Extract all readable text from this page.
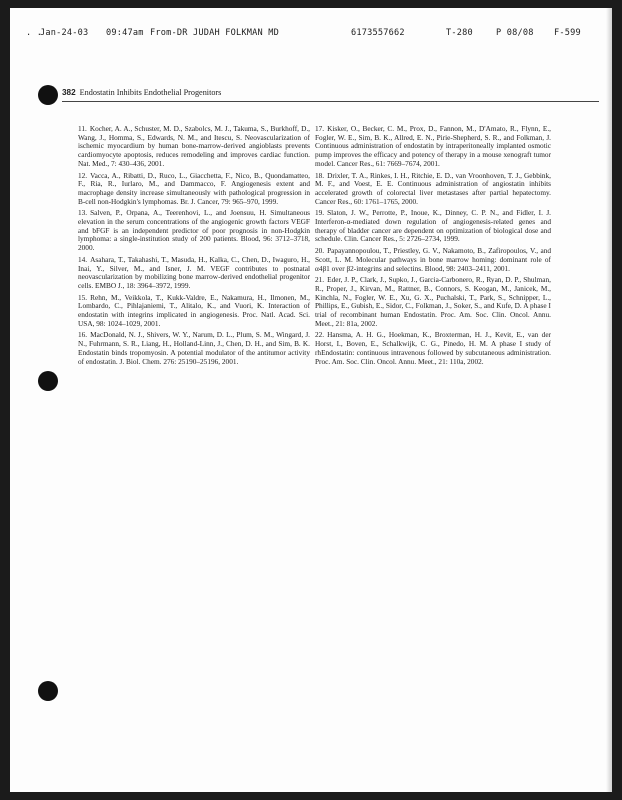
. .
Jan-24-03 09:47am From-DR JUDAH FOLKMAN MD	6173557662	T-280	P 08/08 F-599
382 Endostatin Inhibits Endothelial Progenitors

11. Kocher, A. A., Schuster, M. D., Szabolcs, M. J., Takuma, S., Burkhoff, D., Wang, J., Homma, S., Edwards, N. M., and Itescu, S. Neovascularization of ischemic myocardium by human bone-marrow-derived angioblasts prevents cardiomyocyte apoptosis, reduces remodeling and improves cardiac function. Nat. Med., 7: 430–436, 2001.

12. Vacca, A., Ribatti, D., Ruco, L., Giacchetta, F., Nico, B., Quondamatteo, F., Ria, R., Iurlaro, M., and Dammacco, F. Angiogenesis extent and macrophage density increase simultaneously with pathological progression in B-cell non-Hodgkin's lymphomas. Br. J. Cancer, 79: 965–970, 1999.

13. Salven, P., Orpana, A., Teerenhovi, L., and Joensuu, H. Simultaneous elevation in the serum concentrations of the angiogenic growth factors VEGF and bFGF is an independent predictor of poor prognosis in non-Hodgkin lymphoma: a single-institution study of 200 patients. Blood, 96: 3712–3718, 2000.

14. Asahara, T., Takahashi, T., Masuda, H., Kalka, C., Chen, D., Iwaguro, H., Inai, Y., Silver, M., and Isner, J. M. VEGF contributes to postnatal neovascularization by mobilizing bone marrow-derived endothelial progenitor cells. EMBO J., 18: 3964–3972, 1999.

15. Rehn, M., Veikkola, T., Kukk-Valdre, E., Nakamura, H., Ilmonen, M., Lombardo, C., Pihlajaniemi, T., Alitalo, K., and Vuori, K. Interaction of endostatin with integrins implicated in angiogenesis. Proc. Natl. Acad. Sci. USA, 98: 1024–1029, 2001.

16. MacDonald, N. J., Shivers, W. Y., Narum, D. L., Plum, S. M., Wingard, J. N., Fuhrmann, S. R., Liang, H., Holland-Linn, J., Chen, D. H., and Sim, B. K. Endostatin binds tropomyosin. A potential modulator of the antitumor activity of endostatin. J. Biol. Chem. 276: 25190–25196, 2001.

17. Kisker, O., Becker, C. M., Prox, D., Fannon, M., D'Amato, R., Flynn, E., Fogler, W. E., Sim, B. K., Allred, E. N., Pirie-Shepherd, S. R., and Folkman, J. Continuous administration of endostatin by intraperitoneally implanted osmotic pump improves the efficacy and potency of therapy in a mouse xenograft tumor model. Cancer Res., 61: 7669–7674, 2001.

18. Drixler, T. A., Rinkes, I. H., Ritchie, E. D., van Vroonhoven, T. J., Gebbink, M. F., and Voest, E. E. Continuous administration of angiostatin inhibits accelerated growth of colorectal liver metastases after partial hepatectomy. Cancer Res., 60: 1761–1765, 2000.

19. Slaton, J. W., Perrotte, P., Inoue, K., Dinney, C. P. N., and Fidler, I. J. Interferon-α-mediated down regulation of angiogenesis-related genes and therapy of bladder cancer are dependent on optimization of biological dose and schedule. Clin. Cancer Res., 5: 2726–2734, 1999.

20. Papayannopoulou, T., Priestley, G. V., Nakamoto, B., Zafiropoulos, V., and Scott, L. M. Molecular pathways in bone marrow homing: dominant role of α4β1 over β2-integrins and selectins. Blood, 98: 2403–2411, 2001.

21. Eder, J. P., Clark, J., Supko, J., Garcia-Carbonero, R., Ryan, D. P., Shulman, R., Proper, J., Kirvan, M., Rattner, B., Connors, S. Keogan, M., Janicek, M., Kinchla, N., Fogler, W. E., Xu, G. X., Puchalski, T., Park, S., Schnipper, L., Phillips, E., Gubish, E., Sidor, C., Folkman, J., Soker, S., and Kufe, D. A phase I trial of recombinant human Endostatin. Proc. Am. Soc. Clin. Oncol. Annu. Meet., 21: 81a, 2002.

22. Hansma, A. H. G., Hoekman, K., Broxterman, H. J., Kevit, E., van der Horst, I., Boven, E., Schalkwijk, C. G., Pinedo, H. M. A phase I study of rhEndostatin: continuous intravenous followed by subcutaneous administration. Proc. Am. Soc. Clin. Oncol. Annu. Meet., 21: 110a, 2002.
